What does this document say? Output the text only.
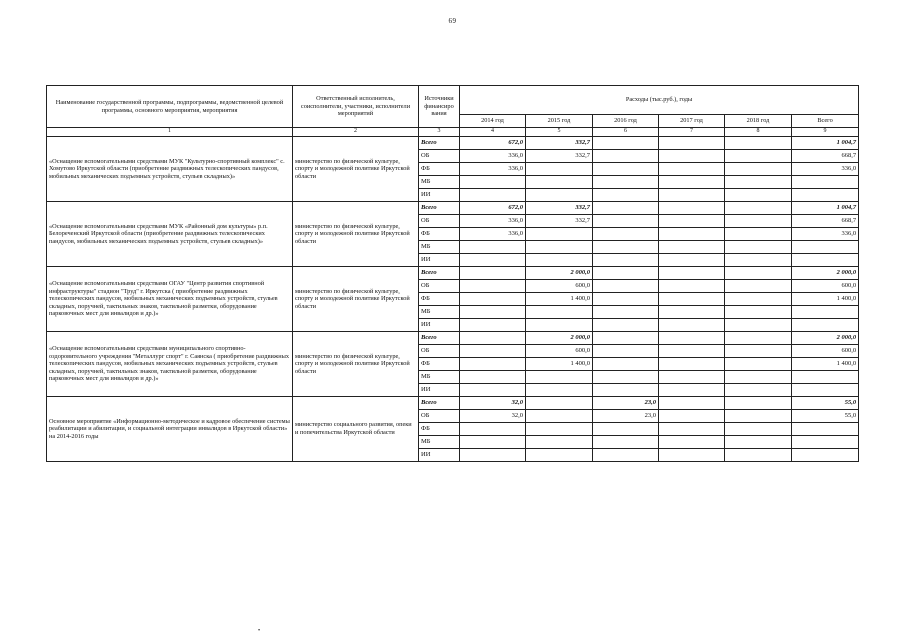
69
Наименование государственной программы, подпрограммы, ведомственной целевой программы, основного мероприятия, мероприятия	Ответственный исполнитель, соисполнители, участники, исполнители мероприятий	Источники финансиро вания	Расходы (тыс.руб.), годы					
			2014 год	2015 год	2016 год	2017 год	2018 год	Всего
1	2	3	4	5	6	7	8	9
«Оснащение вспомогательными средствами МУК "Культурно-спортивный комплекс" с. Хомутово Иркутской области (приобретение раздвижных телескопических пандусов, мобильных механических подъемных устройств, стульев складных)»	министерство по физической культуре, спорту и молодежной политике Иркутской области	Всего	672,0	332,7				1 004,7
		ОБ	336,0	332,7				668,7
		ФБ	336,0					336,0
		МБ						
		ИИ						
«Оснащение вспомогательными средствами МУК «Районный дом культуры» р.п. Белореченский Иркутской области (приобретение раздвижных телескопических пандусов, мобильных механических подъемных устройств, стульев складных)»	министерство по физической культуре, спорту и молодежной политике Иркутской области	Всего	672,0	332,7				1 004,7
		ОБ	336,0	332,7				668,7
		ФБ	336,0					336,0
		МБ						
		ИИ						
«Оснащение вспомогательными средствами ОГАУ "Центр развития спортивной инфраструктуры" стадион "Труд" г. Иркутска ( приобретение раздвижных телескопических пандусов, мобильных механических подъемных устройств, стульев складных, поручней, тактильных знаков, тактильной разметки, оборудование парковочных мест для инвалидов и др.)»	министерство по физической культуре, спорту и молодежной политике Иркутской области	Всего		2 000,0				2 000,0
		ОБ		600,0				600,0
		ФБ		1 400,0				1 400,0
		МБ						
		ИИ						
«Оснащение вспомогательными средствами муниципального спортивно-оздоровительного учреждения "Металлург спорт" г. Саянска ( приобретение раздвижных телескопических пандусов, мобильных механических подъемных устройств, стульев складных, поручней, тактильных знаков, тактильной разметки, оборудование парковочных мест для инвалидов и др.)»	министерство по физической культуре, спорту и молодежной политике Иркутской области	Всего		2 000,0				2 000,0
		ОБ		600,0				600,0
		ФБ		1 400,0				1 400,0
		МБ						
		ИИ						
Основное мероприятие «Информационно-методическое и кадровое обеспечение системы реабилитации и абилитации, и социальной интеграции инвалидов в Иркутской области» на 2014-2016 годы	министерство социального развития, опеки и попечительства Иркутской области	Всего	32,0		23,0			55,0
		ОБ	32,0		23,0			55,0
		ФБ						
		МБ						
		ИИ						
•
